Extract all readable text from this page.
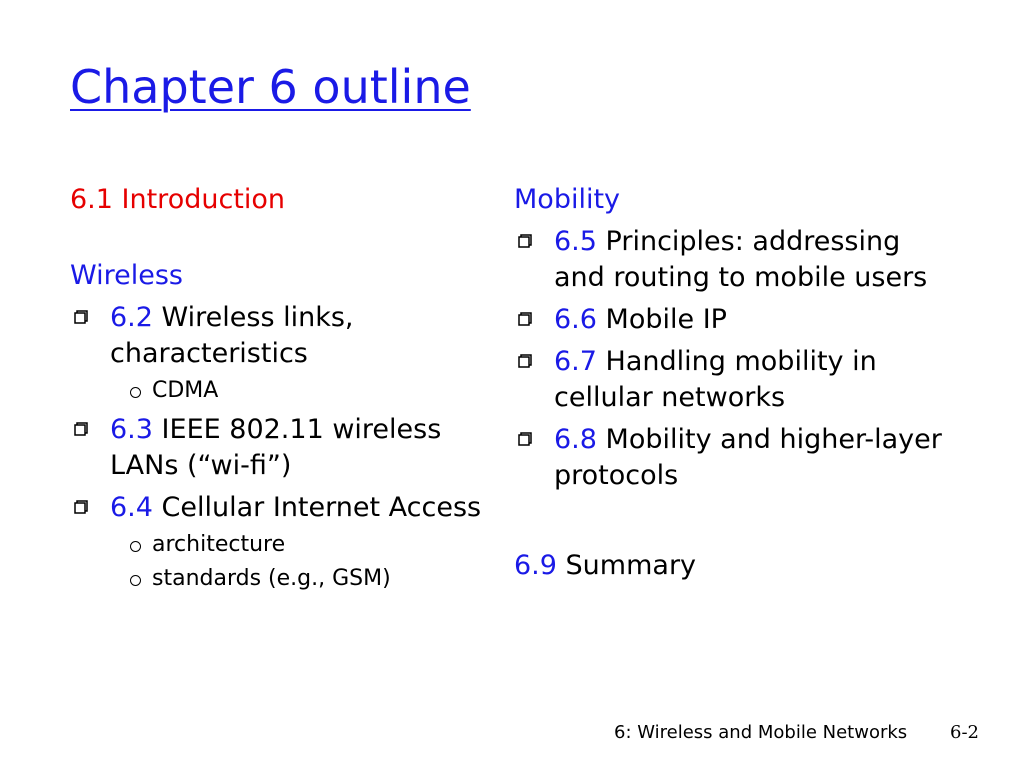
Chapter 6 outline

6.1 Introduction

Wireless

6.2 Wireless links, characteristics
CDMA
6.3 IEEE 802.11 wireless LANs (“wi-fi”)
6.4 Cellular Internet Access
architecture
standards (e.g., GSM)

Mobility

6.5 Principles: addressing and routing to mobile users
6.6 Mobile IP
6.7 Handling mobility in cellular networks
6.8 Mobility and higher-layer protocols

6.9 Summary

6: Wireless and Mobile Networks 6-2
